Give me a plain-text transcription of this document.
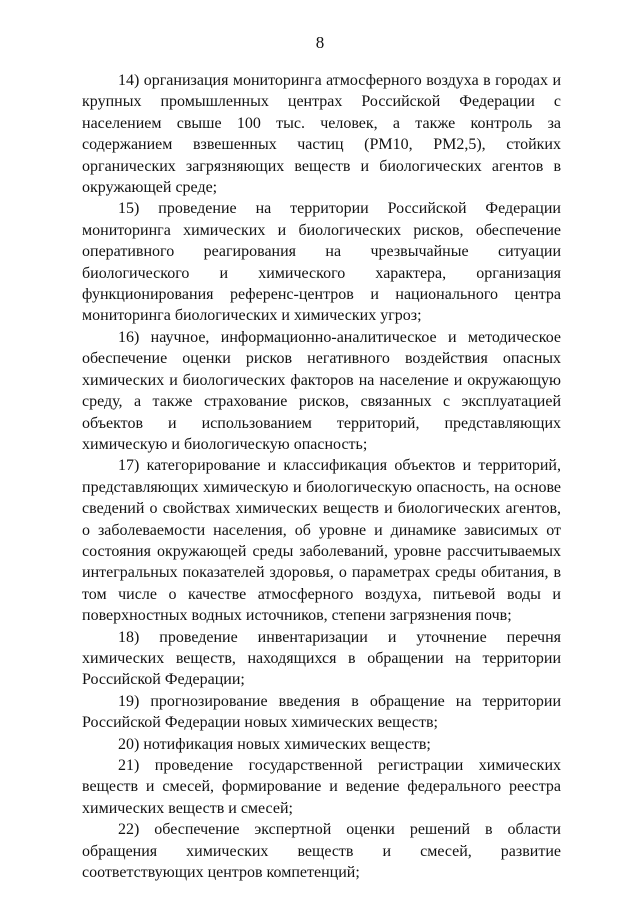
8

14) организация мониторинга атмосферного воздуха в городах и крупных промышленных центрах Российской Федерации с населением свыше 100 тыс. человек, а также контроль за содержанием взвешенных частиц (РМ10, РМ2,5), стойких органических загрязняющих веществ и биологических агентов в окружающей среде;

15) проведение на территории Российской Федерации мониторинга химических и биологических рисков, обеспечение оперативного реагирования на чрезвычайные ситуации биологического и химического характера, организация функционирования референс-центров и национального центра мониторинга биологических и химических угроз;

16) научное, информационно-аналитическое и методическое обеспечение оценки рисков негативного воздействия опасных химических и биологических факторов на население и окружающую среду, а также страхование рисков, связанных с эксплуатацией объектов и использованием территорий, представляющих химическую и биологическую опасность;

17) категорирование и классификация объектов и территорий, представляющих химическую и биологическую опасность, на основе сведений о свойствах химических веществ и биологических агентов, о заболеваемости населения, об уровне и динамике зависимых от состояния окружающей среды заболеваний, уровне рассчитываемых интегральных показателей здоровья, о параметрах среды обитания, в том числе о качестве атмосферного воздуха, питьевой воды и поверхностных водных источников, степени загрязнения почв;

18) проведение инвентаризации и уточнение перечня химических веществ, находящихся в обращении на территории Российской Федерации;

19) прогнозирование введения в обращение на территории Российской Федерации новых химических веществ;

20) нотификация новых химических веществ;

21) проведение государственной регистрации химических веществ и смесей, формирование и ведение федерального реестра химических веществ и смесей;

22) обеспечение экспертной оценки решений в области обращения химических веществ и смесей, развитие соответствующих центров компетенций;
